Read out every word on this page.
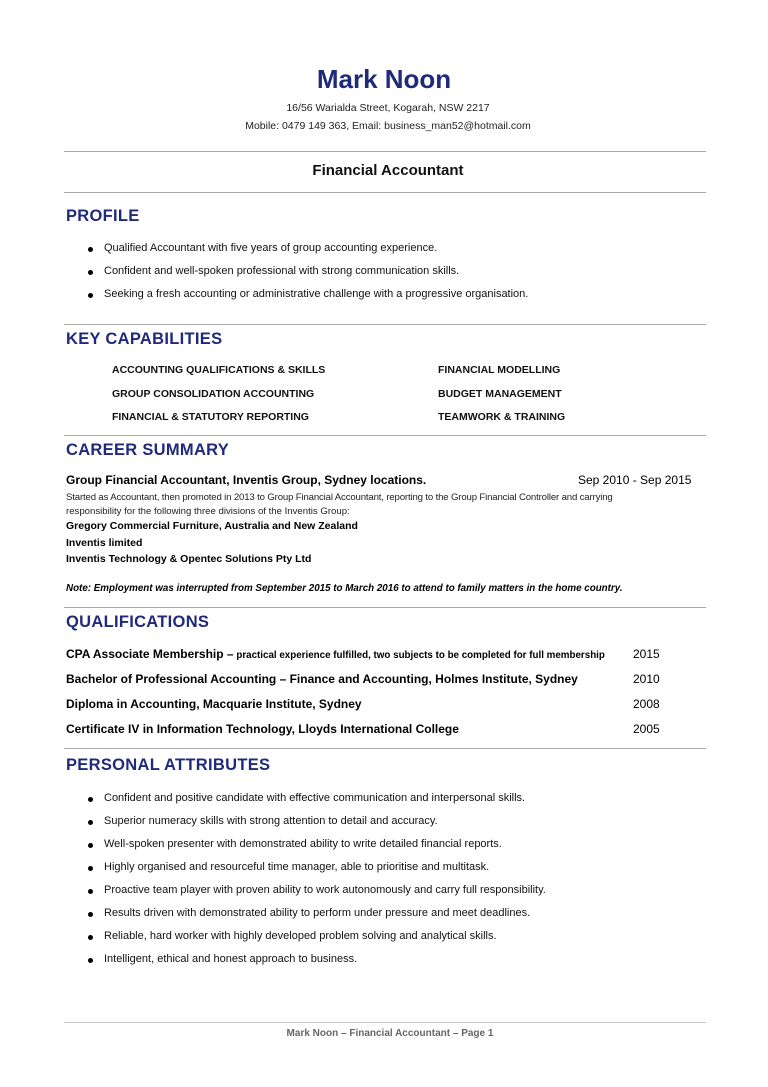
Mark Noon
16/56 Warialda Street, Kogarah, NSW 2217
Mobile: 0479 149 363, Email: business_man52@hotmail.com
Financial Accountant
PROFILE
Qualified Accountant with five years of group accounting experience.
Confident and well-spoken professional with strong communication skills.
Seeking a fresh accounting or administrative challenge with a progressive organisation.
KEY CAPABILITIES
ACCOUNTING QUALIFICATIONS & SKILLS
GROUP CONSOLIDATION ACCOUNTING
FINANCIAL & STATUTORY REPORTING
FINANCIAL MODELLING
BUDGET MANAGEMENT
TEAMWORK & TRAINING
CAREER SUMMARY
Group Financial Accountant, Inventis Group, Sydney locations.	Sep 2010 - Sep 2015
Started as Accountant, then promoted in 2013 to Group Financial Accountant, reporting to the Group Financial Controller and carrying
responsibility for the following three divisions of the Inventis Group:
Gregory Commercial Furniture, Australia and New Zealand
Inventis limited
Inventis Technology & Opentec Solutions Pty Ltd
Note: Employment was interrupted from September 2015 to March 2016 to attend to family matters in the home country.
QUALIFICATIONS
CPA Associate Membership – practical experience fulfilled, two subjects to be completed for full membership 2015
Bachelor of Professional Accounting – Finance and Accounting, Holmes Institute, Sydney	2010
Diploma in Accounting, Macquarie Institute, Sydney	2008
Certificate IV in Information Technology, Lloyds International College	2005
PERSONAL ATTRIBUTES
Confident and positive candidate with effective communication and interpersonal skills.
Superior numeracy skills with strong attention to detail and accuracy.
Well-spoken presenter with demonstrated ability to write detailed financial reports.
Highly organised and resourceful time manager, able to prioritise and multitask.
Proactive team player with proven ability to work autonomously and carry full responsibility.
Results driven with demonstrated ability to perform under pressure and meet deadlines.
Reliable, hard worker with highly developed problem solving and analytical skills.
Intelligent, ethical and honest approach to business.
Mark Noon – Financial Accountant – Page 1
